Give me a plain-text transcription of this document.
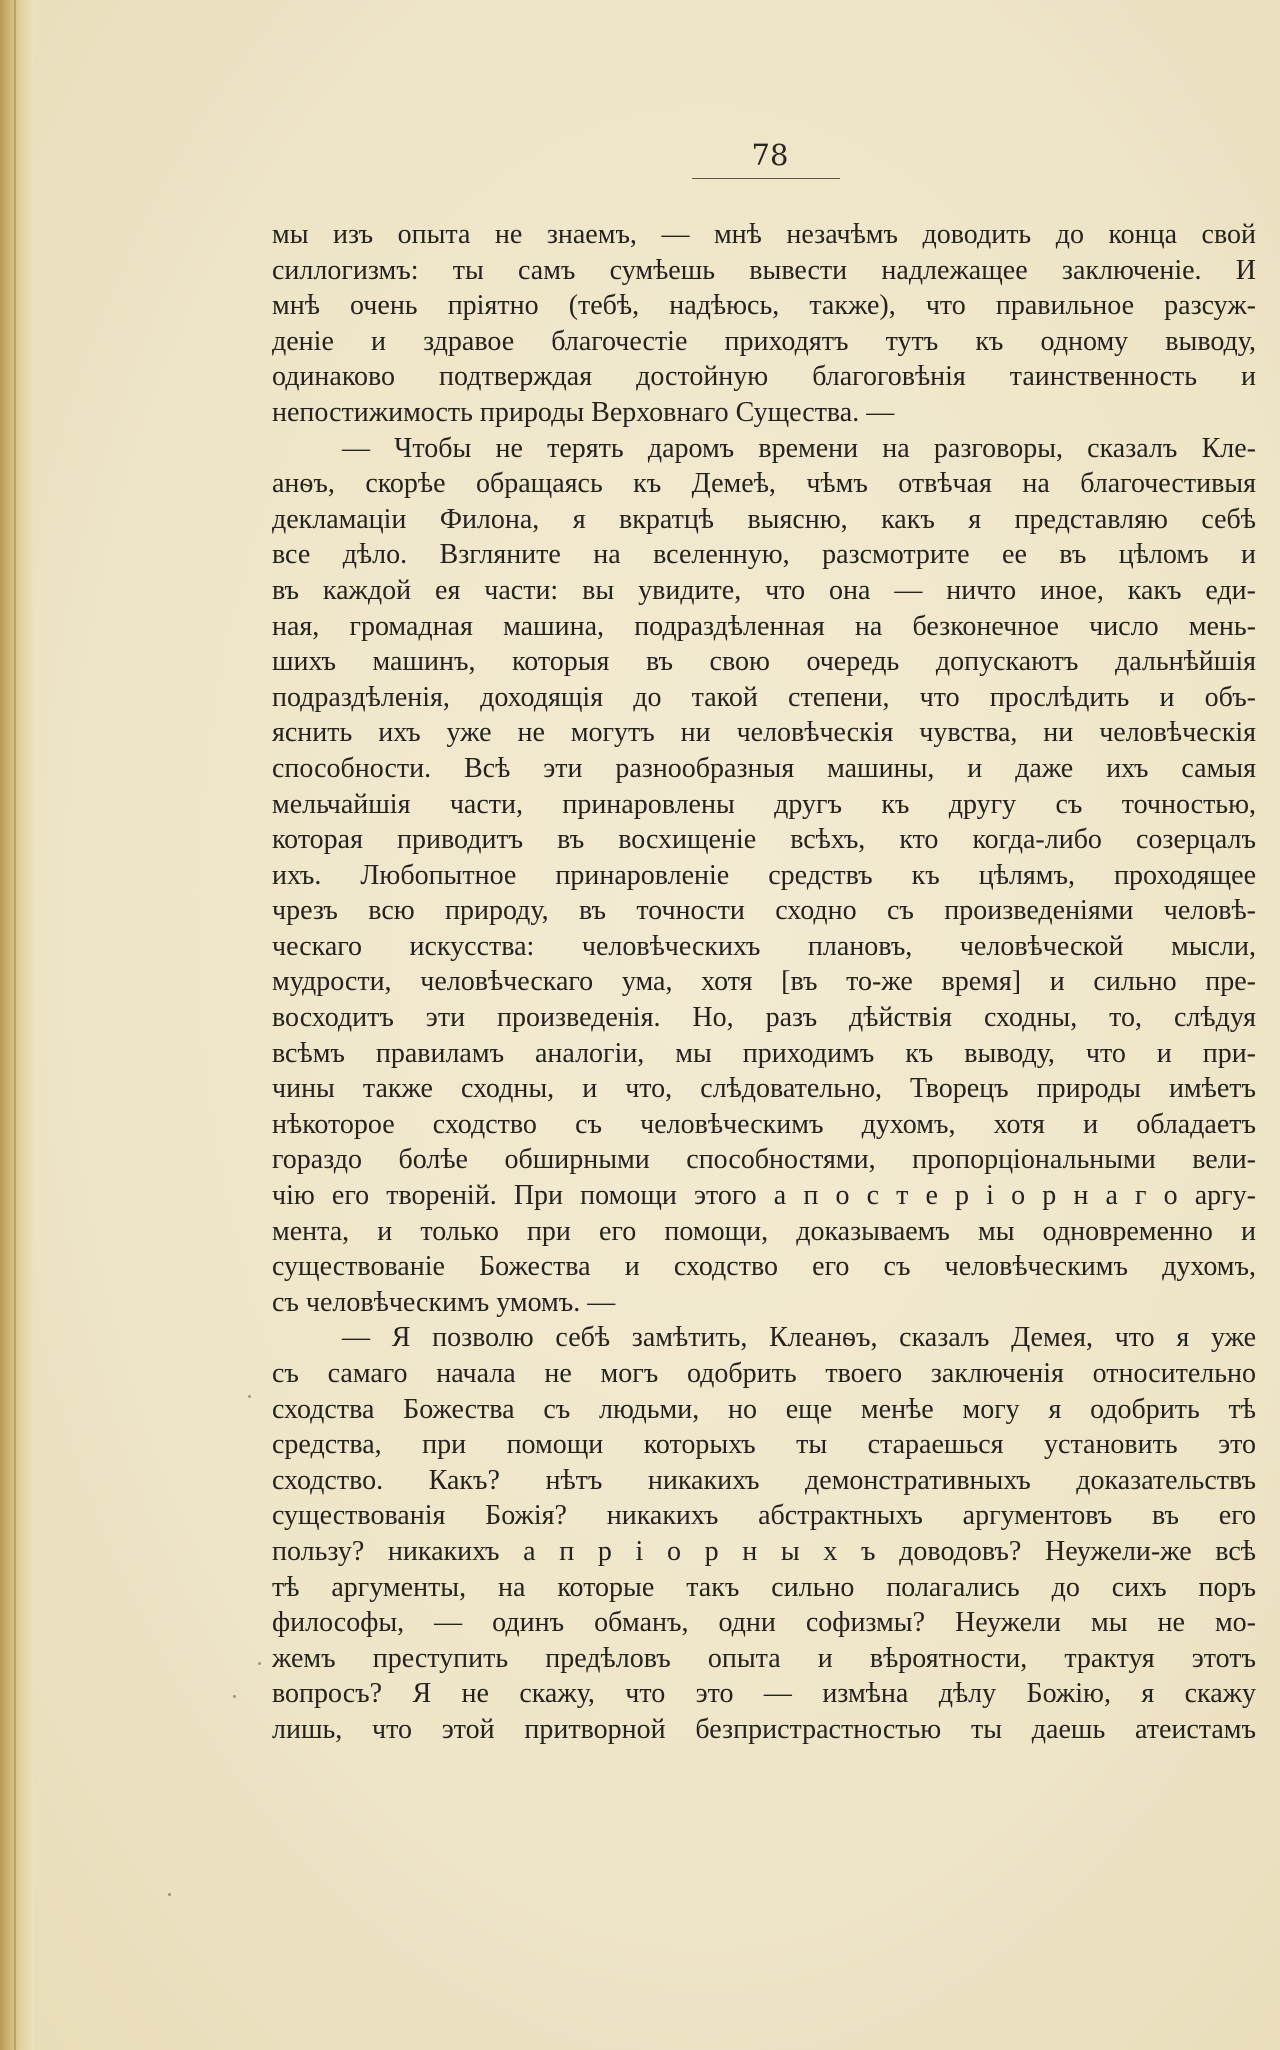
78
мы изъ опыта не знаемъ, — мнѣ незачѣмъ доводить до конца свой
силлогизмъ: ты самъ сумѣешь вывести надлежащее заключеніе. И
мнѣ очень пріятно (тебѣ, надѣюсь, также), что правильное разсуж-
деніе и здравое благочестіе приходятъ тутъ къ одному выводу,
одинаково подтверждая достойную благоговѣнія таинственность и
непостижимость природы Верховнаго Существа. —
— Чтобы не терять даромъ времени на разговоры, сказалъ Кле-
анѳъ, скорѣе обращаясь къ Демеѣ, чѣмъ отвѣчая на благочестивыя
декламаціи Филона, я вкратцѣ выясню, какъ я представляю себѣ
все дѣло. Взгляните на вселенную, разсмотрите ее въ цѣломъ и
въ каждой ея части: вы увидите, что она — ничто иное, какъ еди-
ная, громадная машина, подраздѣленная на безконечное число мень-
шихъ машинъ, которыя въ свою очередь допускаютъ дальнѣйшія
подраздѣленія, доходящія до такой степени, что прослѣдить и объ-
яснить ихъ уже не могутъ ни человѣческія чувства, ни человѣческія
способности. Всѣ эти разнообразныя машины, и даже ихъ самыя
мельчайшія части, принаровлены другъ къ другу съ точностью,
которая приводитъ въ восхищеніе всѣхъ, кто когда-либо созерцалъ
ихъ. Любопытное принаровленіе средствъ къ цѣлямъ, проходящее
чрезъ всю природу, въ точности сходно съ произведеніями человѣ-
ческаго искусства: человѣческихъ плановъ, человѣческой мысли,
мудрости, человѣческаго ума, хотя [въ то-же время] и сильно пре-
восходитъ эти произведенія. Но, разъ дѣйствія сходны, то, слѣдуя
всѣмъ правиламъ аналогіи, мы приходимъ къ выводу, что и при-
чины также сходны, и что, слѣдовательно, Творецъ природы имѣетъ
нѣкоторое сходство съ человѣческимъ духомъ, хотя и обладаетъ
гораздо болѣе обширными способностями, пропорціональными вели-
чію его твореній. При помощи этого а п о с т е р і о р н а г о аргу-
мента, и только при его помощи, доказываемъ мы одновременно и
существованіе Божества и сходство его съ человѣческимъ духомъ,
съ человѣческимъ умомъ. —
— Я позволю себѣ замѣтить, Клеанѳъ, сказалъ Демея, что я уже
съ самаго начала не могъ одобрить твоего заключенія относительно
сходства Божества съ людьми, но еще менѣе могу я одобрить тѣ
средства, при помощи которыхъ ты стараешься установить это
сходство. Какъ? нѣтъ никакихъ демонстративныхъ доказательствъ
существованія Божія? никакихъ абстрактныхъ аргументовъ въ его
пользу? никакихъ а п р і о р н ы х ъ доводовъ? Неужели-же всѣ
тѣ аргументы, на которые такъ сильно полагались до сихъ поръ
философы, — одинъ обманъ, одни софизмы? Неужели мы не мо-
жемъ преступить предѣловъ опыта и вѣроятности, трактуя этотъ
вопросъ? Я не скажу, что это — измѣна дѣлу Божію, я скажу
лишь, что этой притворной безпристрастностью ты даешь атеистамъ
